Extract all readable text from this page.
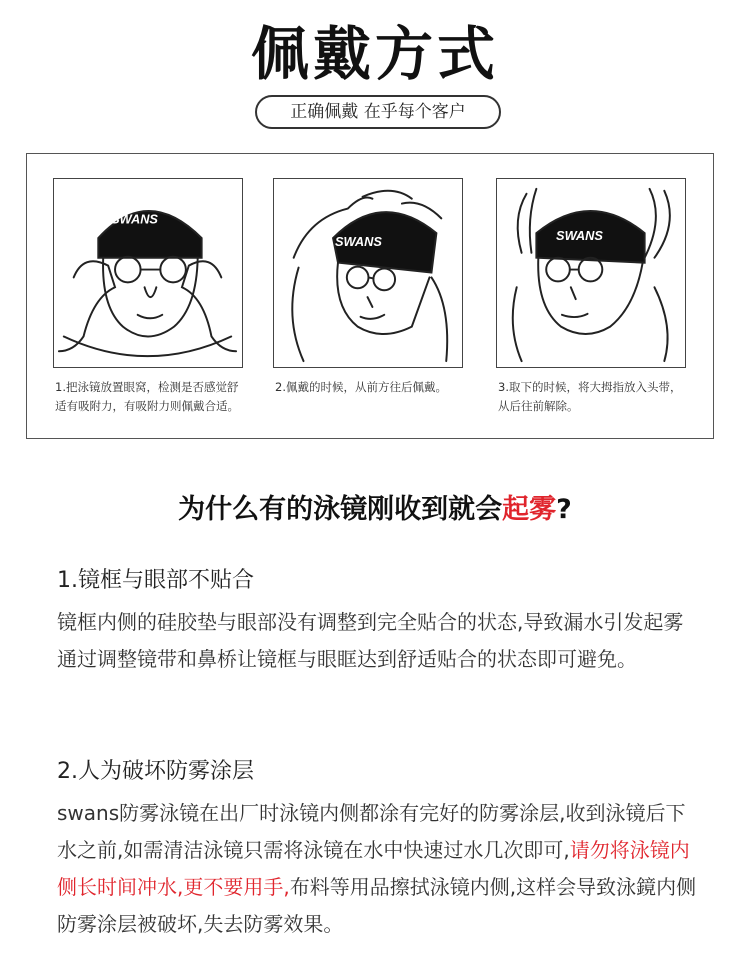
佩戴方式
正确佩戴 在乎每个客户
SWANS
1.把泳镜放置眼窝，检测是否感觉舒适有吸附力，有吸附力则佩戴合适。
SWANS
2.佩戴的时候，从前方往后佩戴。
SWANS
3.取下的时候，将大拇指放入头带，从后往前解除。
为什么有的泳镜刚收到就会起雾?
1.镜框与眼部不贴合
镜框内侧的硅胶垫与眼部没有调整到完全贴合的状态,导致漏水引发起雾通过调整镜带和鼻桥让镜框与眼眶达到舒适贴合的状态即可避免。
2.人为破坏防雾涂层
swans防雾泳镜在出厂时泳镜内侧都涂有完好的防雾涂层,收到泳镜后下水之前,如需清洁泳镜只需将泳镜在水中快速过水几次即可,请勿将泳镜内侧长时间冲水,更不要用手,布料等用品擦拭泳镜内侧,这样会导致泳鏡内侧防雾涂层被破坏,失去防雾效果。
